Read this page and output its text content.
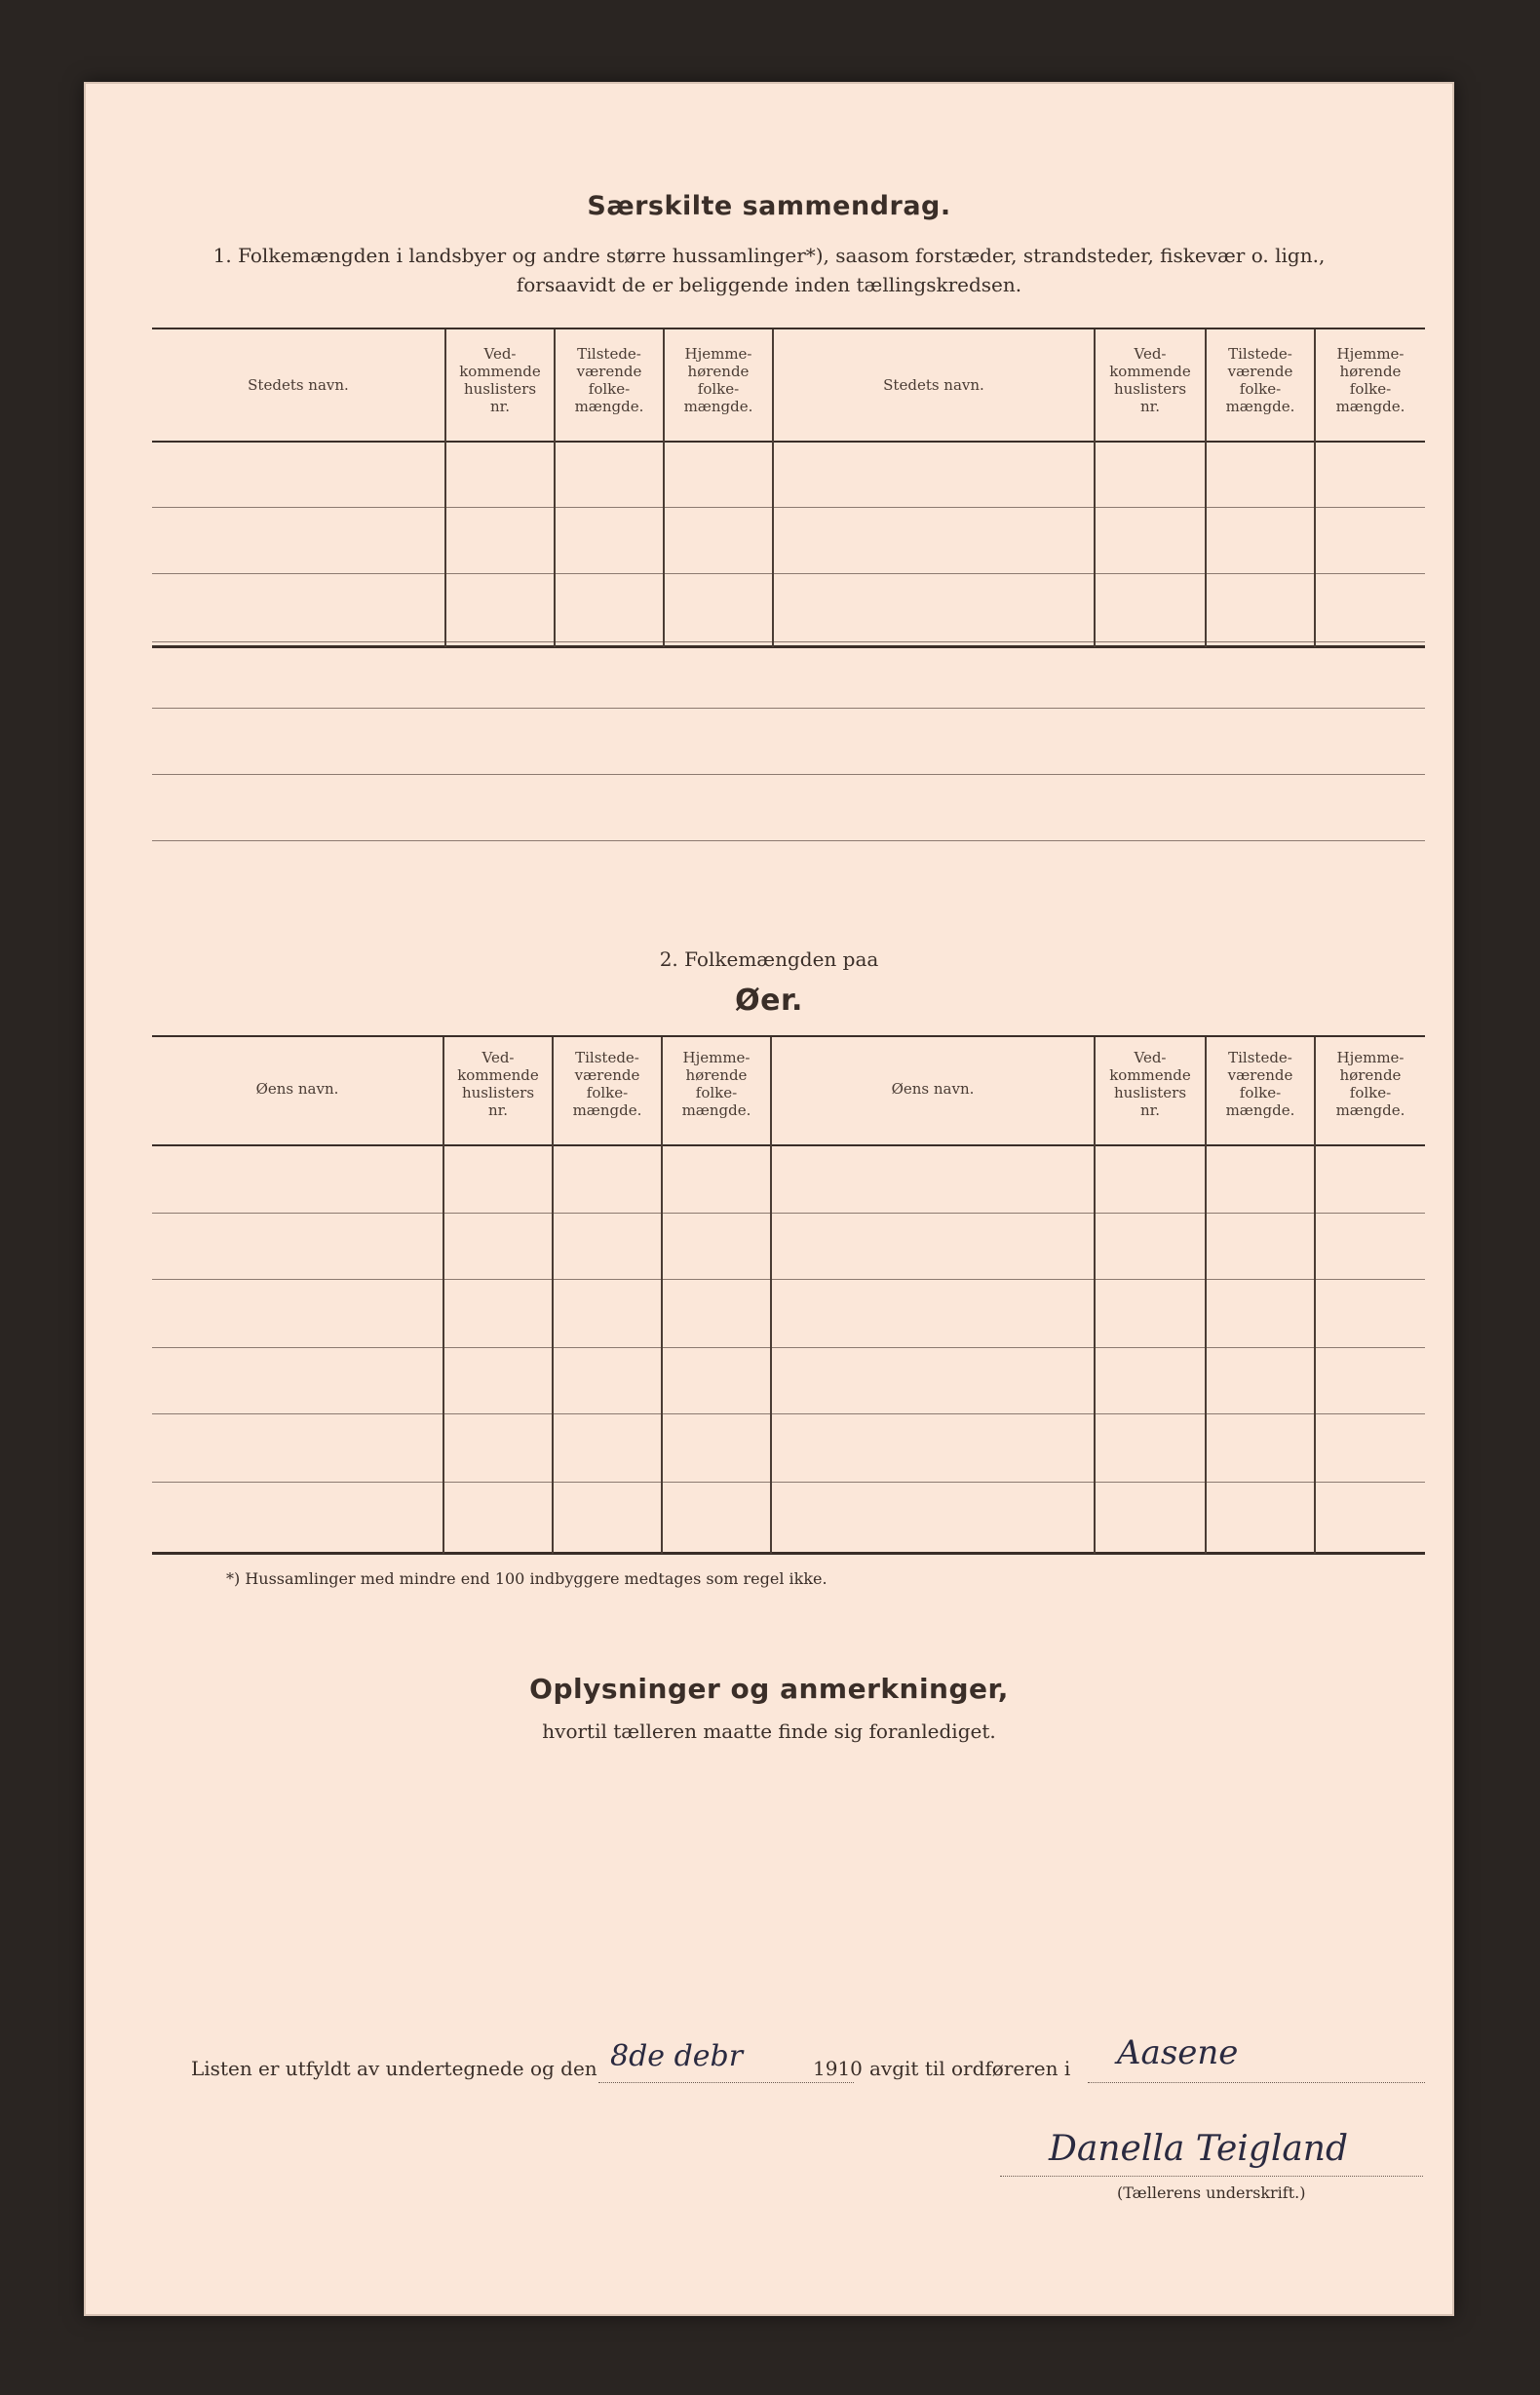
Særskilte sammendrag.
1. Folkemængden i landsbyer og andre større hussamlinger*), saasom forstæder, strandsteder, fiskevær o. lign.,
forsaavidt de er beliggende inden tællingskredsen.
Stedets navn.
Ved-
kommende
huslisters
nr.
Tilstede-
værende
folke-
mængde.
Hjemme-
hørende
folke-
mængde.
Stedets navn.
Ved-
kommende
huslisters
nr.
Tilstede-
værende
folke-
mængde.
Hjemme-
hørende
folke-
mængde.
2. Folkemængden paa
Øer.
Øens navn.
Ved-
kommende
huslisters
nr.
Tilstede-
værende
folke-
mængde.
Hjemme-
hørende
folke-
mængde.
Øens navn.
Ved-
kommende
huslisters
nr.
Tilstede-
værende
folke-
mængde.
Hjemme-
hørende
folke-
mængde.
*) Hussamlinger med mindre end 100 indbyggere medtages som regel ikke.
Oplysninger og anmerkninger,
hvortil tælleren maatte finde sig foranlediget.
Listen er utfyldt av undertegnede og den 8de debr	1910 avgit til ordføreren i Aasene
Danella Teigland
(Tællerens underskrift.)
